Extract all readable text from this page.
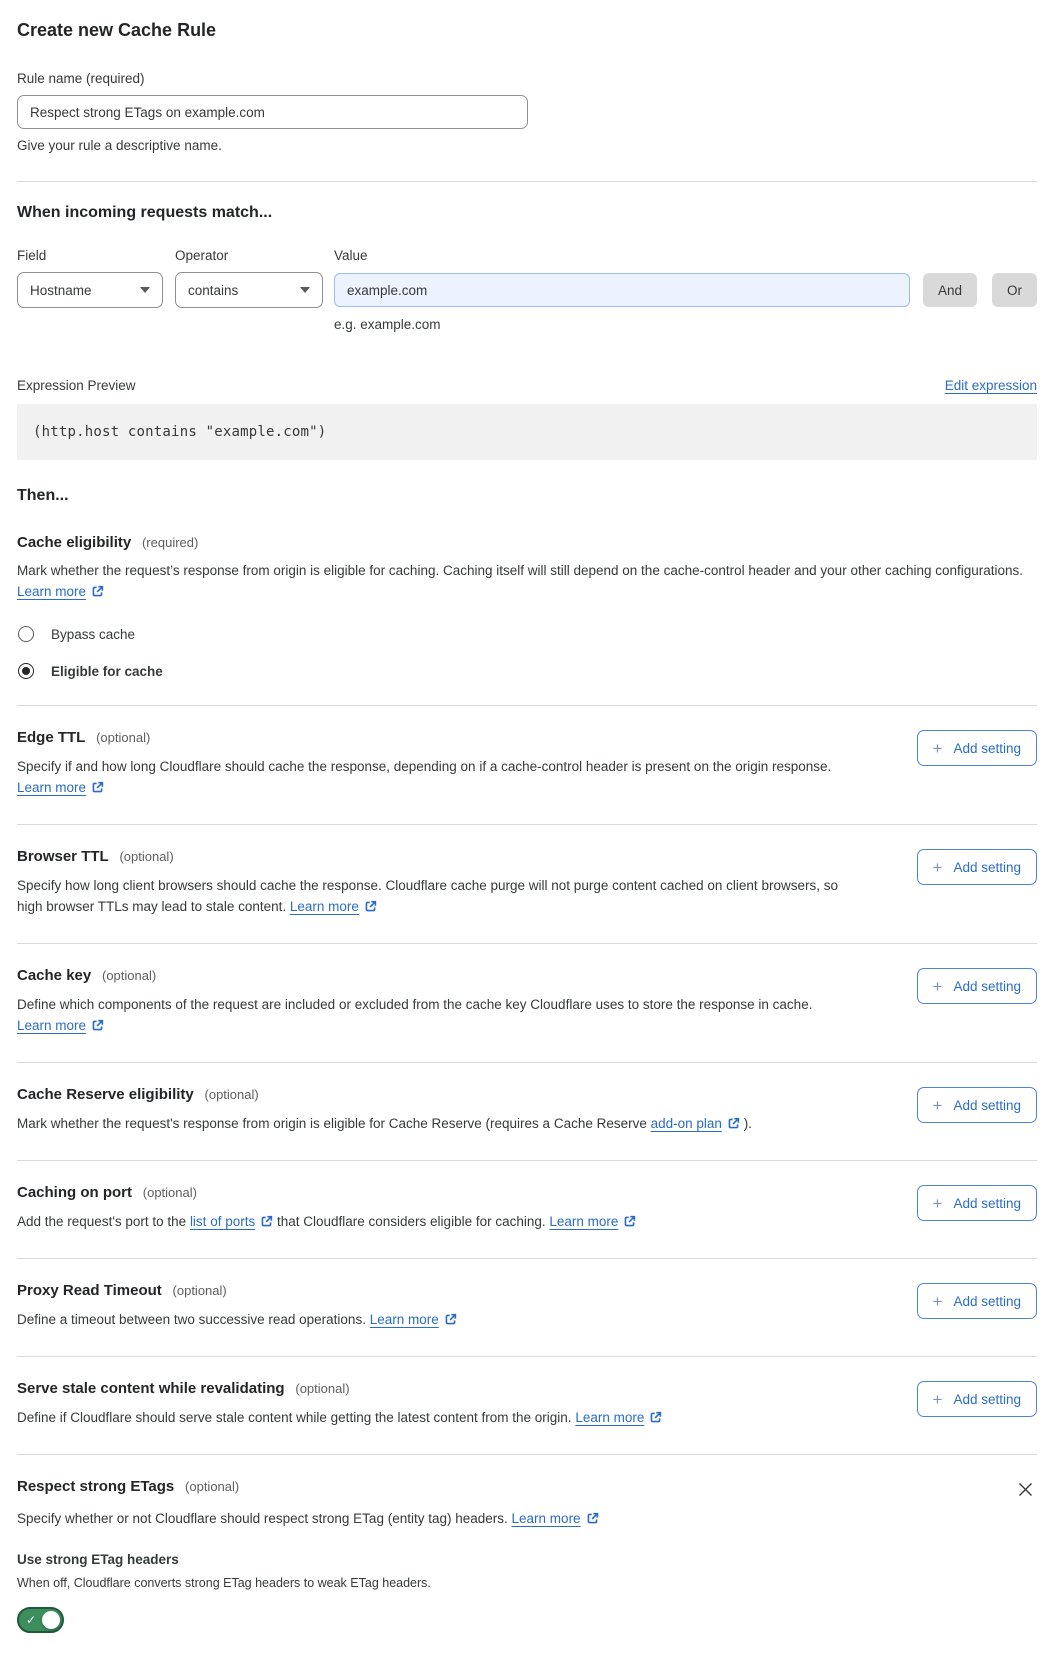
Create new Cache Rule
Rule name (required)
Respect strong ETags on example.com
Give your rule a descriptive name.
When incoming requests match...
Field
Hostname
Operator
contains
Value
example.com
e.g. example.com
And	Or
Expression Preview	Edit expression
(http.host contains "example.com")
Then...
Cache eligibility (required)
Mark whether the request’s response from origin is eligible for caching. Caching itself will still depend on the cache-control header and your other caching configurations. Learn more
Bypass cache
Eligible for cache
Edge TTL (optional)
Specify if and how long Cloudflare should cache the response, depending on if a cache-control header is present on the origin response. Learn more
+ Add setting
Browser TTL (optional)
Specify how long client browsers should cache the response. Cloudflare cache purge will not purge content cached on client browsers, so high browser TTLs may lead to stale content. Learn more
+ Add setting
Cache key (optional)
Define which components of the request are included or excluded from the cache key Cloudflare uses to store the response in cache. Learn more
+ Add setting
Cache Reserve eligibility (optional)
Mark whether the request's response from origin is eligible for Cache Reserve (requires a Cache Reserve add-on plan ).
+ Add setting
Caching on port (optional)
Add the request's port to the list of ports that Cloudflare considers eligible for caching. Learn more
+ Add setting
Proxy Read Timeout (optional)
Define a timeout between two successive read operations. Learn more
+ Add setting
Serve stale content while revalidating (optional)
Define if Cloudflare should serve stale content while getting the latest content from the origin. Learn more
+ Add setting
Respect strong ETags (optional)
Specify whether or not Cloudflare should respect strong ETag (entity tag) headers. Learn more
Use strong ETag headers
When off, Cloudflare converts strong ETag headers to weak ETag headers.
✓
